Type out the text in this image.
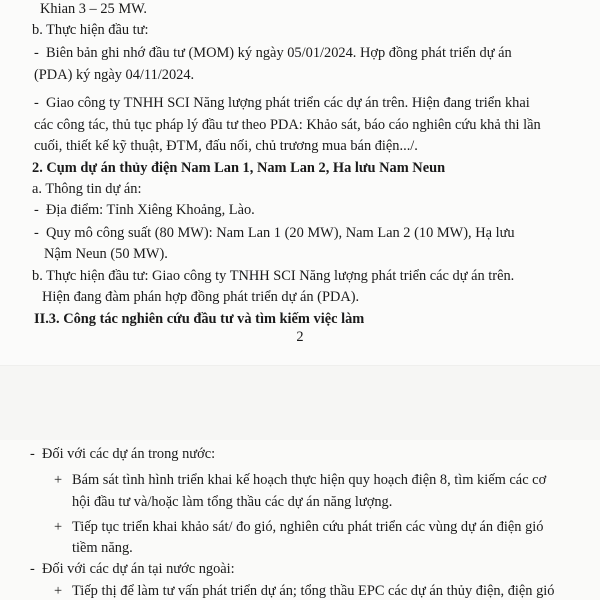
Khian 3 – 25 MW.
b. Thực hiện đầu tư:
- Biên bản ghi nhớ đầu tư (MOM) ký ngày 05/01/2024. Hợp đồng phát triển dự án
(PDA) ký ngày 04/11/2024.
- Giao công ty TNHH SCI Năng lượng phát triển các dự án trên. Hiện đang triển khai
các công tác, thủ tục pháp lý đầu tư theo PDA: Khảo sát, báo cáo nghiên cứu khả thi lần
cuối, thiết kế kỹ thuật, ĐTM, đấu nối, chủ trương mua bán điện.../.
2. Cụm dự án thủy điện Nam Lan 1, Nam Lan 2, Ha lưu Nam Neun
a. Thông tin dự án:
- Địa điểm: Tỉnh Xiêng Khoảng, Lào.
- Quy mô công suất (80 MW): Nam Lan 1 (20 MW), Nam Lan 2 (10 MW), Hạ lưu
Nậm Neun (50 MW).
b. Thực hiện đầu tư: Giao công ty TNHH SCI Năng lượng phát triển các dự án trên.
Hiện đang đàm phán hợp đồng phát triển dự án (PDA).
II.3. Công tác nghiên cứu đầu tư và tìm kiếm việc làm
2
- Đối với các dự án trong nước:
+ Bám sát tình hình triển khai kế hoạch thực hiện quy hoạch điện 8, tìm kiếm các cơ
hội đầu tư và/hoặc làm tổng thầu các dự án năng lượng.
+ Tiếp tục triển khai khảo sát/ đo gió, nghiên cứu phát triển các vùng dự án điện gió
tiềm năng.
- Đối với các dự án tại nước ngoài:
+ Tiếp thị để làm tư vấn phát triển dự án; tổng thầu EPC các dự án thủy điện, điện gió
